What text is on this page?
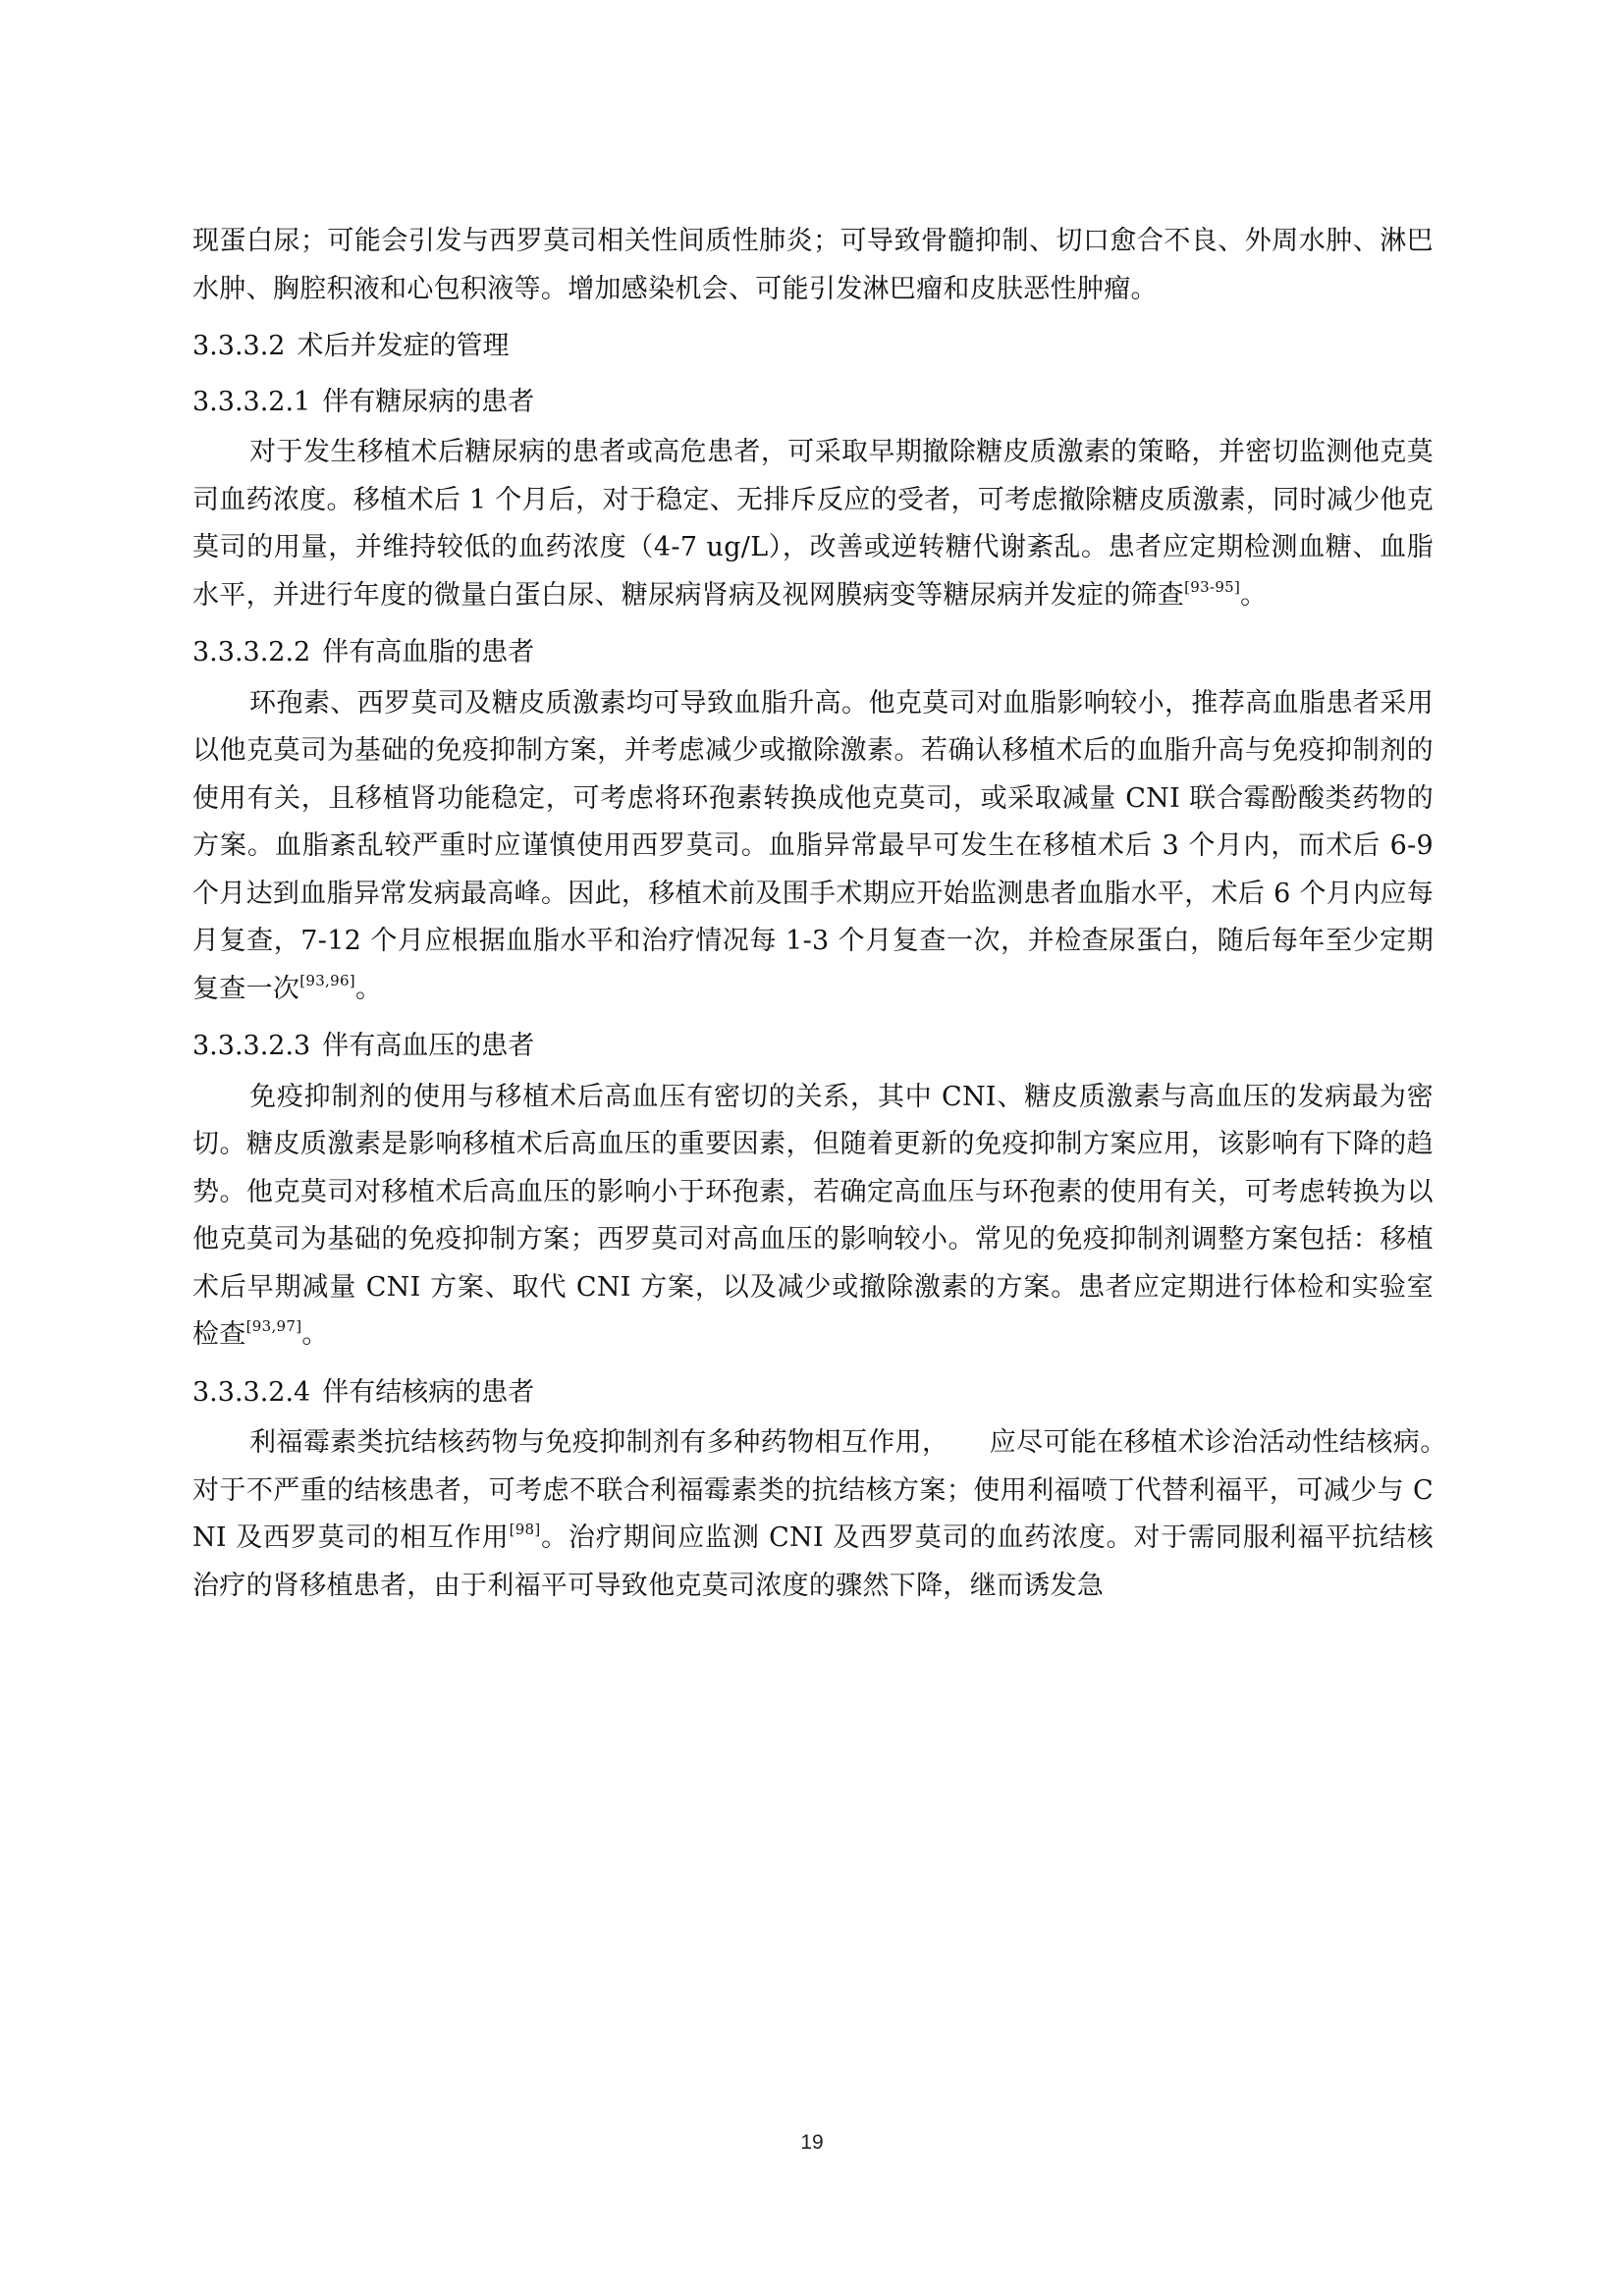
现蛋白尿；可能会引发与西罗莫司相关性间质性肺炎；可导致骨髓抑制、切口愈合不良、外周水肿、淋巴水肿、胸腔积液和心包积液等。增加感染机会、可能引发淋巴瘤和皮肤恶性肿瘤。

3.3.3.2 术后并发症的管理
3.3.3.2.1 伴有糖尿病的患者

对于发生移植术后糖尿病的患者或高危患者，可采取早期撤除糖皮质激素的策略，并密切监测他克莫司血药浓度。移植术后 1 个月后，对于稳定、无排斥反应的受者，可考虑撤除糖皮质激素，同时减少他克莫司的用量，并维持较低的血药浓度（4-7 ug/L），改善或逆转糖代谢紊乱。患者应定期检测血糖、血脂水平，并进行年度的微量白蛋白尿、糖尿病肾病及视网膜病变等糖尿病并发症的筛查[93-95]。

3.3.3.2.2 伴有高血脂的患者

环孢素、西罗莫司及糖皮质激素均可导致血脂升高。他克莫司对血脂影响较小，推荐高血脂患者采用以他克莫司为基础的免疫抑制方案，并考虑减少或撤除激素。若确认移植术后的血脂升高与免疫抑制剂的使用有关，且移植肾功能稳定，可考虑将环孢素转换成他克莫司，或采取减量 CNI 联合霉酚酸类药物的方案。血脂紊乱较严重时应谨慎使用西罗莫司。血脂异常最早可发生在移植术后 3 个月内，而术后 6-9 个月达到血脂异常发病最高峰。因此，移植术前及围手术期应开始监测患者血脂水平，术后 6 个月内应每月复查，7-12 个月应根据血脂水平和治疗情况每 1-3 个月复查一次，并检查尿蛋白，随后每年至少定期复查一次[93,96]。

3.3.3.2.3 伴有高血压的患者

免疫抑制剂的使用与移植术后高血压有密切的关系，其中 CNI、糖皮质激素与高血压的发病最为密切。糖皮质激素是影响移植术后高血压的重要因素，但随着更新的免疫抑制方案应用，该影响有下降的趋势。他克莫司对移植术后高血压的影响小于环孢素，若确定高血压与环孢素的使用有关，可考虑转换为以他克莫司为基础的免疫抑制方案；西罗莫司对高血压的影响较小。常见的免疫抑制剂调整方案包括：移植术后早期减量 CNI 方案、取代 CNI 方案，以及减少或撤除激素的方案。患者应定期进行体检和实验室检查[93,97]。

3.3.3.2.4 伴有结核病的患者

利福霉素类抗结核药物与免疫抑制剂有多种药物相互作用，　　应尽可能在移植术诊治活动性结核病。　对于不严重的结核患者，可考虑不联合利福霉素类的抗结核方案；使用利福喷丁代替利福平，可减少与 CNI 及西罗莫司的相互作用[98]。治疗期间应监测 CNI 及西罗莫司的血药浓度。对于需同服利福平抗结核治疗的肾移植患者，由于利福平可导致他克莫司浓度的骤然下降，继而诱发急

19
